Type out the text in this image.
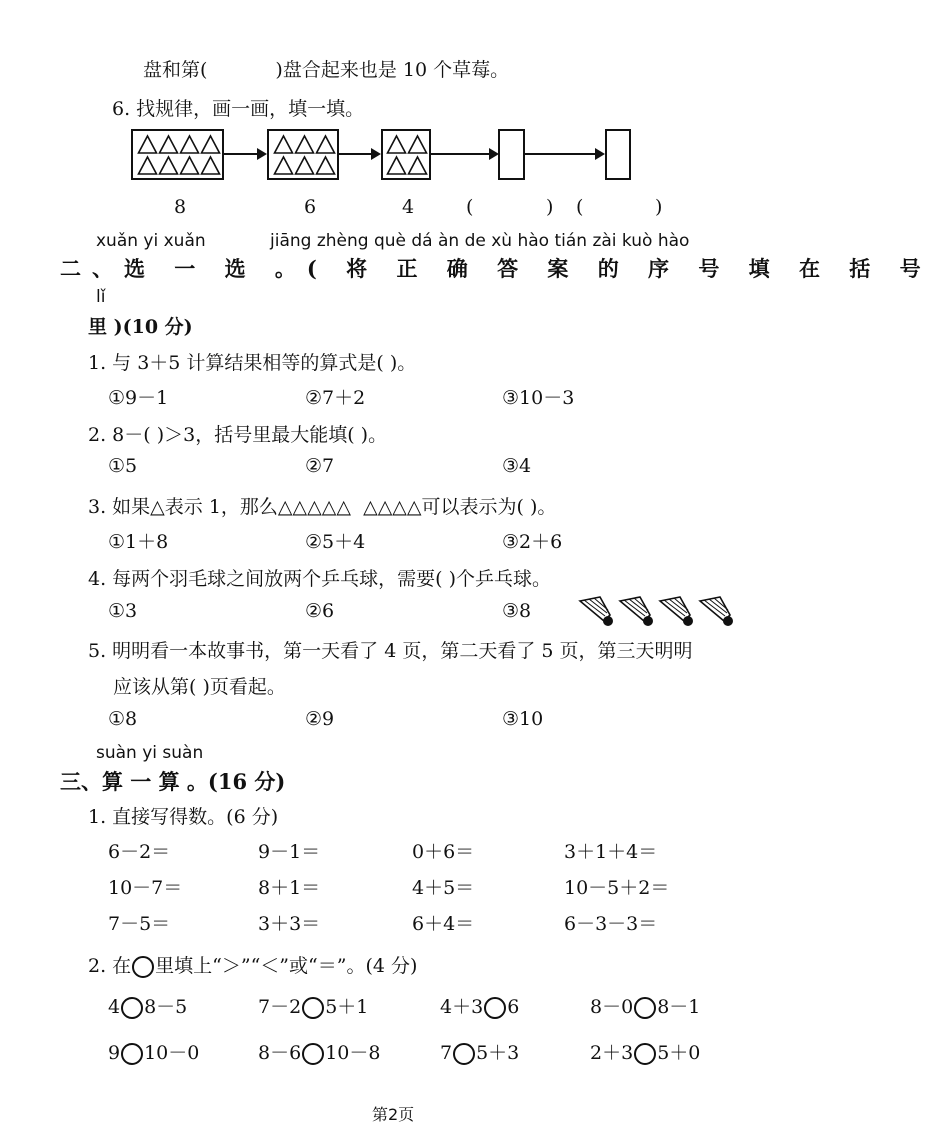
盘和第(	)盘合起来也是 10 个草莓。
6. 找规律，画一画，填一填。
8	6	4	(	) (	)
xuǎn yi xuǎn	jiāng zhèng què dá àn de xù hào tián zài kuò hào
二、选 一 选 。( 将 正 确 答 案 的 序 号 填 在 括 号
lǐ
里 )(10 分)
1. 与 3＋5 计算结果相等的算式是( )。
①9－1	②7＋2	③10－3
2. 8－( )＞3，括号里最大能填( )。
①5	②7	③4
3. 如果△表示 1，那么△△△△△ △△△△可以表示为( )。
①1＋8	②5＋4	③2＋6
4. 每两个羽毛球之间放两个乒乓球，需要( )个乒乓球。
①3	②6	③8
5. 明明看一本故事书，第一天看了 4 页，第二天看了 5 页，第三天明明
应该从第( )页看起。
①8	②9	③10
suàn yi suàn
三、算 一 算 。(16 分)
1. 直接写得数。(6 分)
6－2＝	9－1＝	0＋6＝	3＋1＋4＝
10－7＝	8＋1＝	4＋5＝	10－5＋2＝
7－5＝	3＋3＝	6＋4＝	6－3－3＝
2. 在 里填上“＞”“＜”或“＝”。(4 分)
4 8－5	7－2 5＋1	4＋3 6	8－0 8－1
9 10－0	8－6 10－8	7 5＋3	2＋3 5＋0
第2页
